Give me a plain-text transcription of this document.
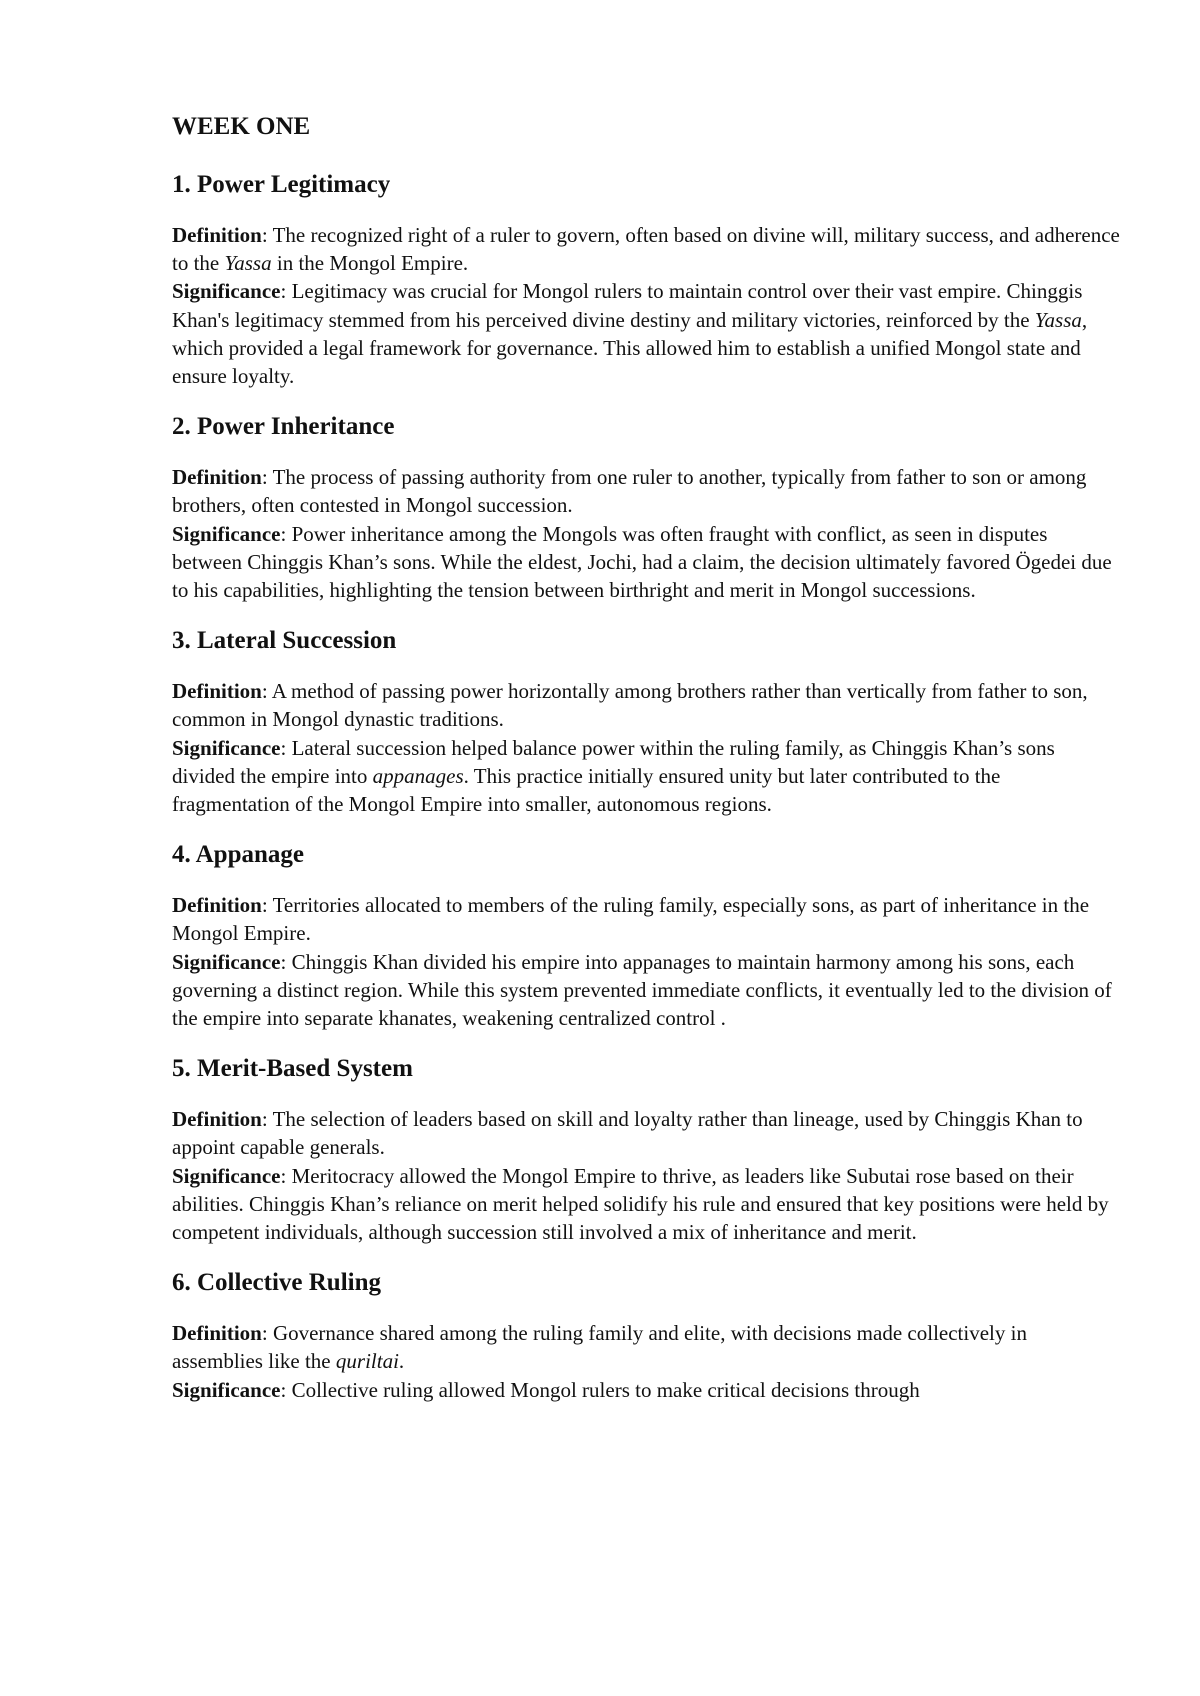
WEEK ONE
1. Power Legitimacy

Definition: The recognized right of a ruler to govern, often based on divine will, military success, and adherence to the Yassa in the Mongol Empire.

Significance: Legitimacy was crucial for Mongol rulers to maintain control over their vast empire. Chinggis Khan's legitimacy stemmed from his perceived divine destiny and military victories, reinforced by the Yassa, which provided a legal framework for governance. This allowed him to establish a unified Mongol state and ensure loyalty.

2. Power Inheritance

Definition: The process of passing authority from one ruler to another, typically from father to son or among brothers, often contested in Mongol succession.

Significance: Power inheritance among the Mongols was often fraught with conflict, as seen in disputes between Chinggis Khan’s sons. While the eldest, Jochi, had a claim, the decision ultimately favored Ögedei due to his capabilities, highlighting the tension between birthright and merit in Mongol successions.

3. Lateral Succession

Definition: A method of passing power horizontally among brothers rather than vertically from father to son, common in Mongol dynastic traditions.

Significance: Lateral succession helped balance power within the ruling family, as Chinggis Khan’s sons divided the empire into appanages. This practice initially ensured unity but later contributed to the fragmentation of the Mongol Empire into smaller, autonomous regions.

4. Appanage

Definition: Territories allocated to members of the ruling family, especially sons, as part of inheritance in the Mongol Empire.

Significance: Chinggis Khan divided his empire into appanages to maintain harmony among his sons, each governing a distinct region. While this system prevented immediate conflicts, it eventually led to the division of the empire into separate khanates, weakening centralized control .

5. Merit-Based System

Definition: The selection of leaders based on skill and loyalty rather than lineage, used by Chinggis Khan to appoint capable generals.

Significance: Meritocracy allowed the Mongol Empire to thrive, as leaders like Subutai rose based on their abilities. Chinggis Khan’s reliance on merit helped solidify his rule and ensured that key positions were held by competent individuals, although succession still involved a mix of inheritance and merit.

6. Collective Ruling

Definition: Governance shared among the ruling family and elite, with decisions made collectively in assemblies like the quriltai.

Significance: Collective ruling allowed Mongol rulers to make critical decisions through
